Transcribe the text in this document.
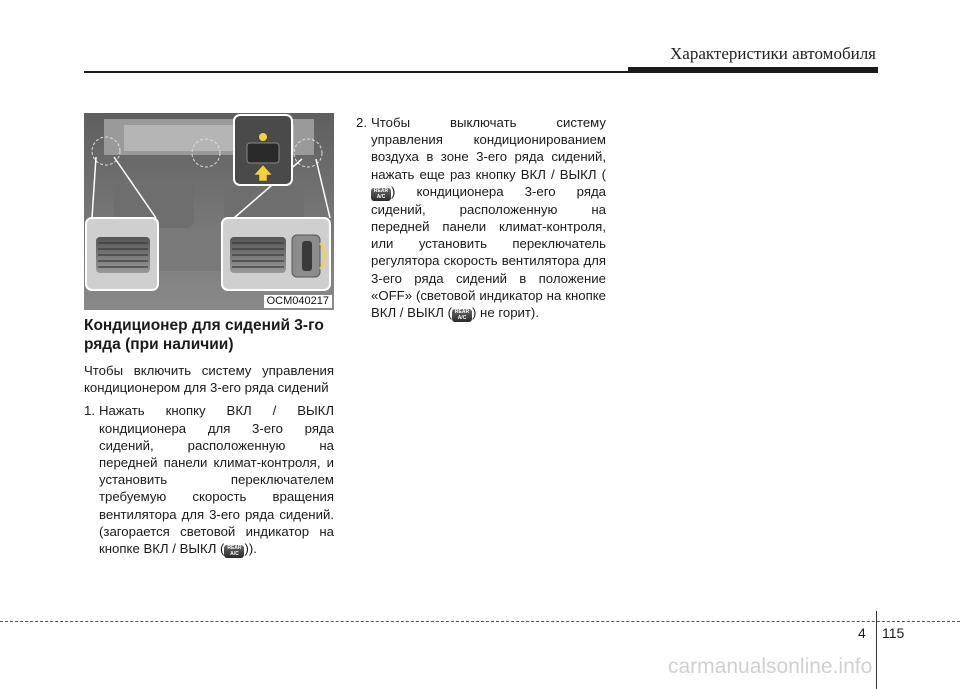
Характеристики автомобиля
OCM040217
Кондиционер для сидений 3-го ряда (при наличии)
Чтобы включить систему управления кондиционером для 3-его ряда сидений
1. Нажать кнопку ВКЛ / ВЫКЛ кондиционера для 3-его ряда сидений, расположенную на передней панели климат-контроля, и установить переключателем требуемую скорость вращения вентилятора для 3-его ряда сидений. (загорается световой индикатор на кнопке ВКЛ / ВЫКЛ ( REAR
A/C )).
2. Чтобы выключать систему управления кондиционированием воздуха в зоне 3-его ряда сидений, нажать еще раз кнопку ВКЛ / ВЫКЛ (
REAR
A/C ) кондиционера 3-его ряда сидений, расположенную на передней панели климат-контроля, или установить переключатель регулятора скорость вентилятора для 3-его ряда сидений в положение «OFF» (световой индикатор на кнопке ВКЛ / ВЫКЛ ( REAR
A/C ) не горит).
4 115
carmanualsonline.info
